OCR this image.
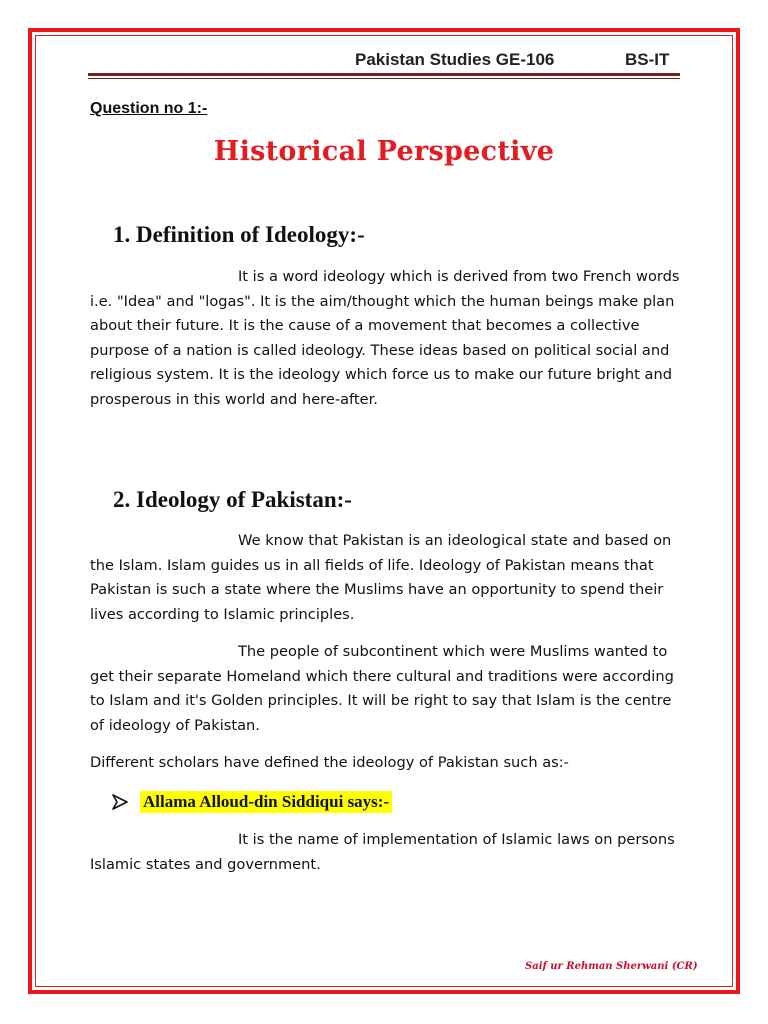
Pakistan Studies GE-106	BS-IT
Question no 1:-
Historical Perspective
1. Definition of Ideology:-

It is a word ideology which is derived from two French words i.e. "Idea" and "logas". It is the aim/thought which the human beings make plan about their future. It is the cause of a movement that becomes a collective purpose of a nation is called ideology. These ideas based on political social and religious system. It is the ideology which force us to make our future bright and prosperous in this world and here-after.

2. Ideology of Pakistan:-

We know that Pakistan is an ideological state and based on the Islam. Islam guides us in all fields of life. Ideology of Pakistan means that Pakistan is such a state where the Muslims have an opportunity to spend their lives according to Islamic principles.

The people of subcontinent which were Muslims wanted to get their separate Homeland which there cultural and traditions were according to Islam and it's Golden principles. It will be right to say that Islam is the centre of ideology of Pakistan.

Different scholars have defined the ideology of Pakistan such as:-

Allama Alloud-din Siddiqui says:-

It is the name of implementation of Islamic laws on persons Islamic states and government.

Saif ur Rehman Sherwani (CR)
